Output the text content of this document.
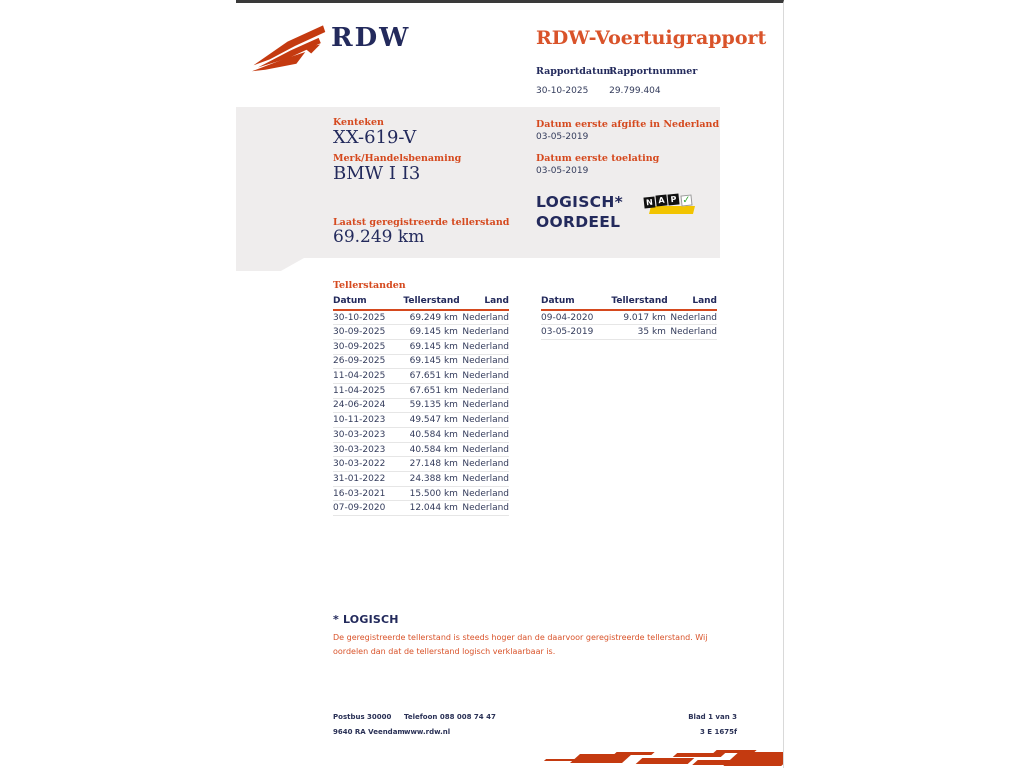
RDW	RDW-Voertuigrapport
Rapportdatum Rapportnummer
30-10-2025 29.799.404
Kenteken
XX-619-V
Merk/Handelsbenaming
BMW I I3
Laatst geregistreerde tellerstand
69.249 km
Datum eerste afgifte in Nederland
03-05-2019
Datum eerste toelating
03-05-2019
LOGISCH*
OORDEEL
N A P ✓
Tellerstanden
Datum	Tellerstand	Land
30-10-2025	69.249 km	Nederland
30-09-2025	69.145 km	Nederland
30-09-2025	69.145 km	Nederland
26-09-2025	69.145 km	Nederland
11-04-2025	67.651 km	Nederland
11-04-2025	67.651 km	Nederland
24-06-2024	59.135 km	Nederland
10-11-2023	49.547 km	Nederland
30-03-2023	40.584 km	Nederland
30-03-2023	40.584 km	Nederland
30-03-2022	27.148 km	Nederland
31-01-2022	24.388 km	Nederland
16-03-2021	15.500 km	Nederland
07-09-2020	12.044 km	Nederland
Datum	Tellerstand	Land
09-04-2020	9.017 km	Nederland
03-05-2019	35 km	Nederland
* LOGISCH
De geregistreerde tellerstand is steeds hoger dan de daarvoor geregistreerde tellerstand. Wij oordelen dan dat de tellerstand logisch verklaarbaar is.
Postbus 30000
9640 RA Veendam
Telefoon 088 008 74 47
www.rdw.nl
Blad 1 van 3
3 E 1675f
